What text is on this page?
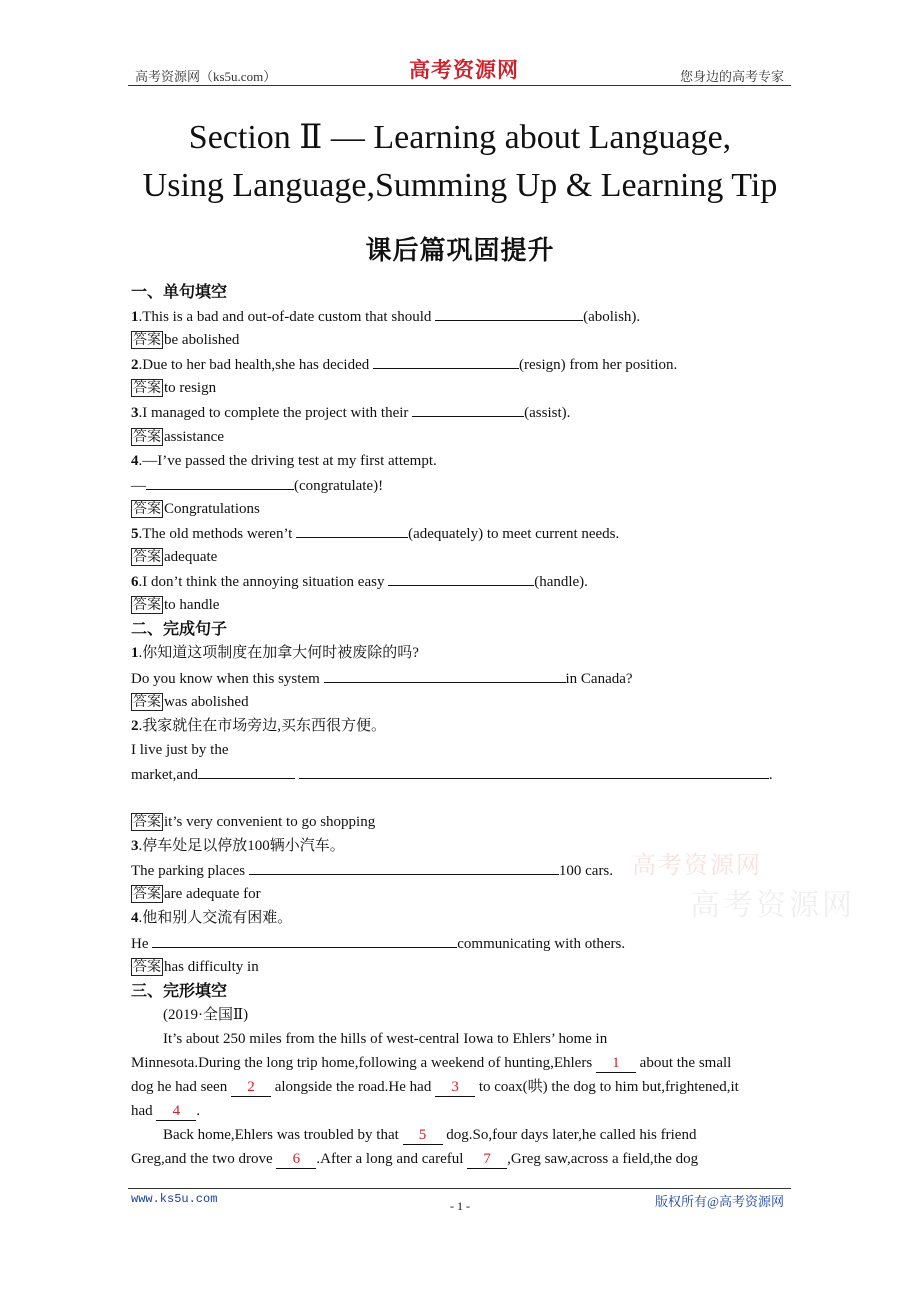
高考资源网（ks5u.com）	高考资源网	您身边的高考专家
Section Ⅱ — Learning about Language,
Using Language,Summing Up & Learning Tip
课后篇巩固提升
高考资源网
高考资源网
一、单句填空
1.This is a bad and out-of-date custom that should	(abolish).
答案 be abolished
2.Due to her bad health,she has decided	(resign) from her position.
答案 to resign
3.I managed to complete the project with their	(assist).
答案 assistance
4.—I’ve passed the driving test at my first attempt.
—	(congratulate)!
答案 Congratulations
5.The old methods weren’t	(adequately) to meet current needs.
答案 adequate
6.I don’t think the annoying situation easy	(handle).
答案 to handle
二、完成句子
1.你知道这项制度在加拿大何时被废除的吗?
Do you know when this system	in Canada?
答案 was abolished
2.我家就住在市场旁边,买东西很方便。
I live just by the
market,and	.
答案 it’s very convenient to go shopping
3.停车处足以停放100辆小汽车。
The parking places	100 cars.
答案 are adequate for
4.他和别人交流有困难。
He	communicating with others.
答案 has difficulty in
三、完形填空
(2019·全国Ⅱ)
It’s about 250 miles from the hills of west-central Iowa to Ehlers’ home in
Minnesota.During the long trip home,following a weekend of hunting,Ehlers 1 about the small
dog he had seen 2 alongside the road.He had 3 to coax(哄) the dog to him but,frightened,it
had 4 .
Back home,Ehlers was troubled by that 5 dog.So,four days later,he called his friend
Greg,and the two drove 6 .After a long and careful 7 ,Greg saw,across a field,the dog
www.ks5u.com	- 1 -	版权所有@高考资源网
